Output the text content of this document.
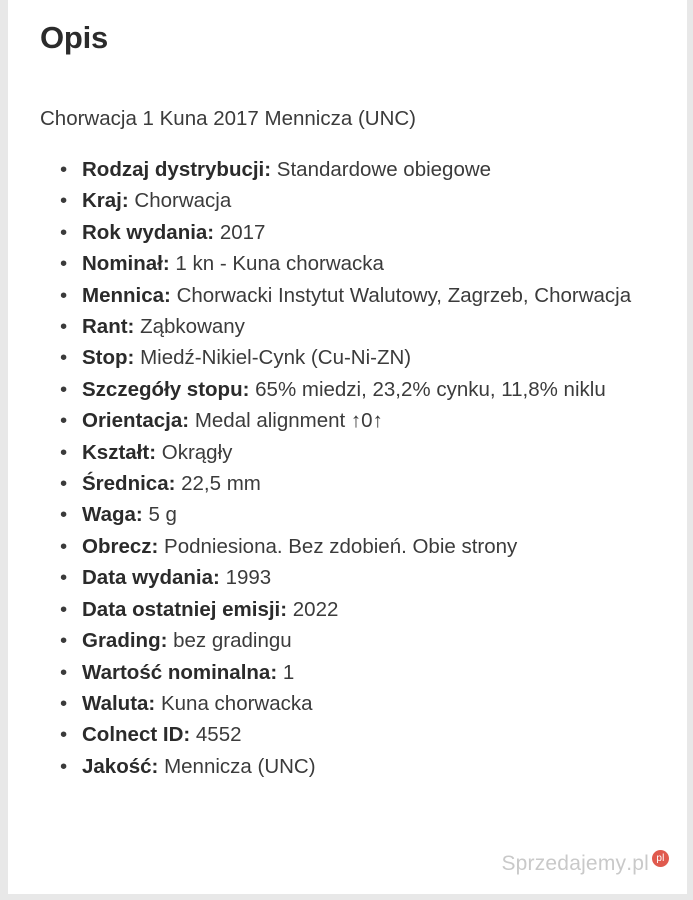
Opis

Chorwacja 1 Kuna 2017 Mennicza (UNC)

• Rodzaj dystrybucji: Standardowe obiegowe
• Kraj: Chorwacja
• Rok wydania: 2017
• Nominał: 1 kn - Kuna chorwacka
• Mennica: Chorwacki Instytut Walutowy, Zagrzeb, Chorwacja
• Rant: Ząbkowany
• Stop: Miedź-Nikiel-Cynk (Cu-Ni-ZN)
• Szczegóły stopu: 65% miedzi, 23,2% cynku, 11,8% niklu
• Orientacja: Medal alignment ↑0↑
• Kształt: Okrągły
• Średnica: 22,5 mm
• Waga: 5 g
• Obrecz: Podniesiona. Bez zdobień. Obie strony
• Data wydania: 1993
• Data ostatniej emisji: 2022
• Grading: bez gradingu
• Wartość nominalna: 1
• Waluta: Kuna chorwacka
• Colnect ID: 4552
• Jakość: Mennicza (UNC)
Sprzedajemy .pl pl
